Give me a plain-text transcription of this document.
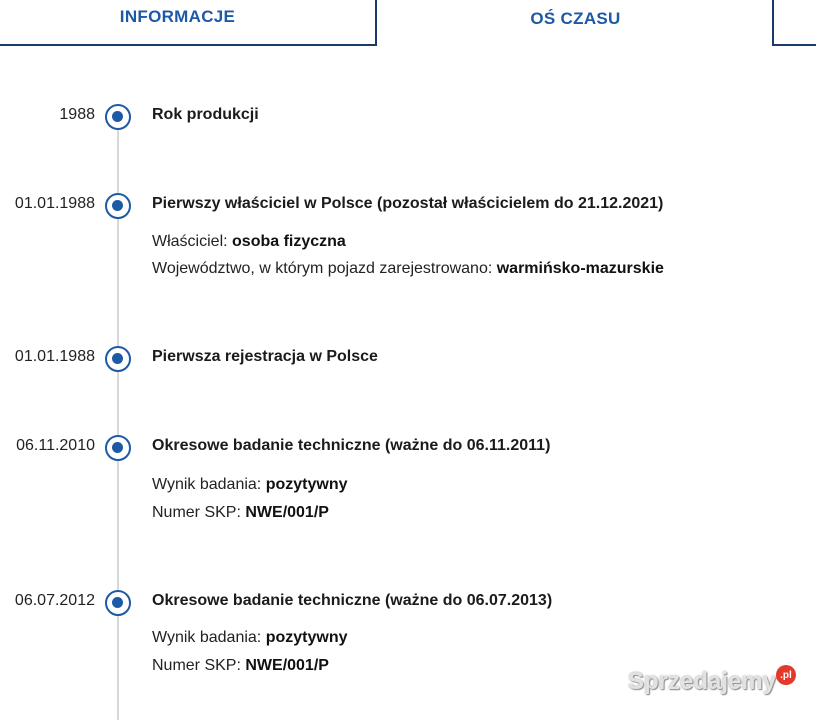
INFORMACJE	OŚ CZASU
1988	Rok produkcji
01.01.1988	Pierwszy właściciel w Polsce (pozostał właścicielem do 21.12.2021)
Właściciel: osoba fizyczna
Województwo, w którym pojazd zarejestrowano: warmińsko-mazurskie
01.01.1988	Pierwsza rejestracja w Polsce
06.11.2010	Okresowe badanie techniczne (ważne do 06.11.2011)
Wynik badania: pozytywny
Numer SKP: NWE/001/P
06.07.2012	Okresowe badanie techniczne (ważne do 06.07.2013)
Wynik badania: pozytywny
Numer SKP: NWE/001/P
Sprzedajemy .pl
